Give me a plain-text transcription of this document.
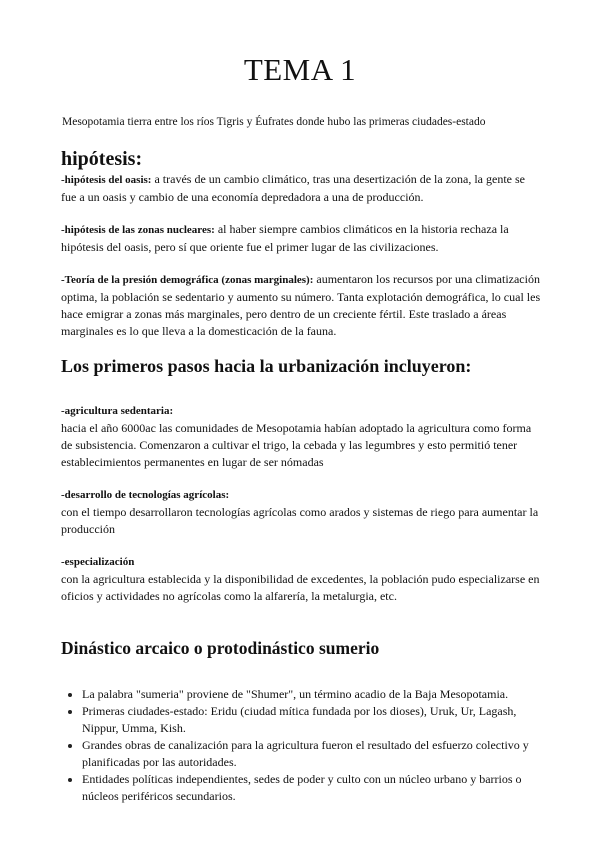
TEMA 1

Mesopotamia tierra entre los ríos Tigris y Éufrates donde hubo las primeras ciudades-estado

hipótesis:

-hipótesis del oasis: a través de un cambio climático, tras una desertización de la zona, la gente se fue a un oasis y cambio de una economía depredadora a una de producción.

-hipótesis de las zonas nucleares: al haber siempre cambios climáticos en la historia rechaza la hipótesis del oasis, pero sí que oriente fue el primer lugar de las civilizaciones.

-Teoría de la presión demográfica (zonas marginales): aumentaron los recursos por una climatización optima, la población se sedentario y aumento su número. Tanta explotación demográfica, lo cual les hace emigrar a zonas más marginales, pero dentro de un creciente fértil. Este traslado a áreas marginales es lo que lleva a la domesticación de la fauna.

Los primeros pasos hacia la urbanización incluyeron:
-agricultura sedentaria:
hacia el año 6000ac las comunidades de Mesopotamia habían adoptado la agricultura como forma de subsistencia. Comenzaron a cultivar el trigo, la cebada y las legumbres y esto permitió tener establecimientos permanentes en lugar de ser nómadas
-desarrollo de tecnologías agrícolas:
con el tiempo desarrollaron tecnologías agrícolas como arados y sistemas de riego para aumentar la producción
-especialización
con la agricultura establecida y la disponibilidad de excedentes, la población pudo especializarse en oficios y actividades no agrícolas como la alfarería, la metalurgia, etc.
Dinástico arcaico o protodinástico sumerio
La palabra "sumeria" proviene de "Shumer", un término acadio de la Baja Mesopotamia.
Primeras ciudades-estado: Eridu (ciudad mítica fundada por los dioses), Uruk, Ur, Lagash, Nippur, Umma, Kish.
Grandes obras de canalización para la agricultura fueron el resultado del esfuerzo colectivo y planificadas por las autoridades.
Entidades políticas independientes, sedes de poder y culto con un núcleo urbano y barrios o núcleos periféricos secundarios.
